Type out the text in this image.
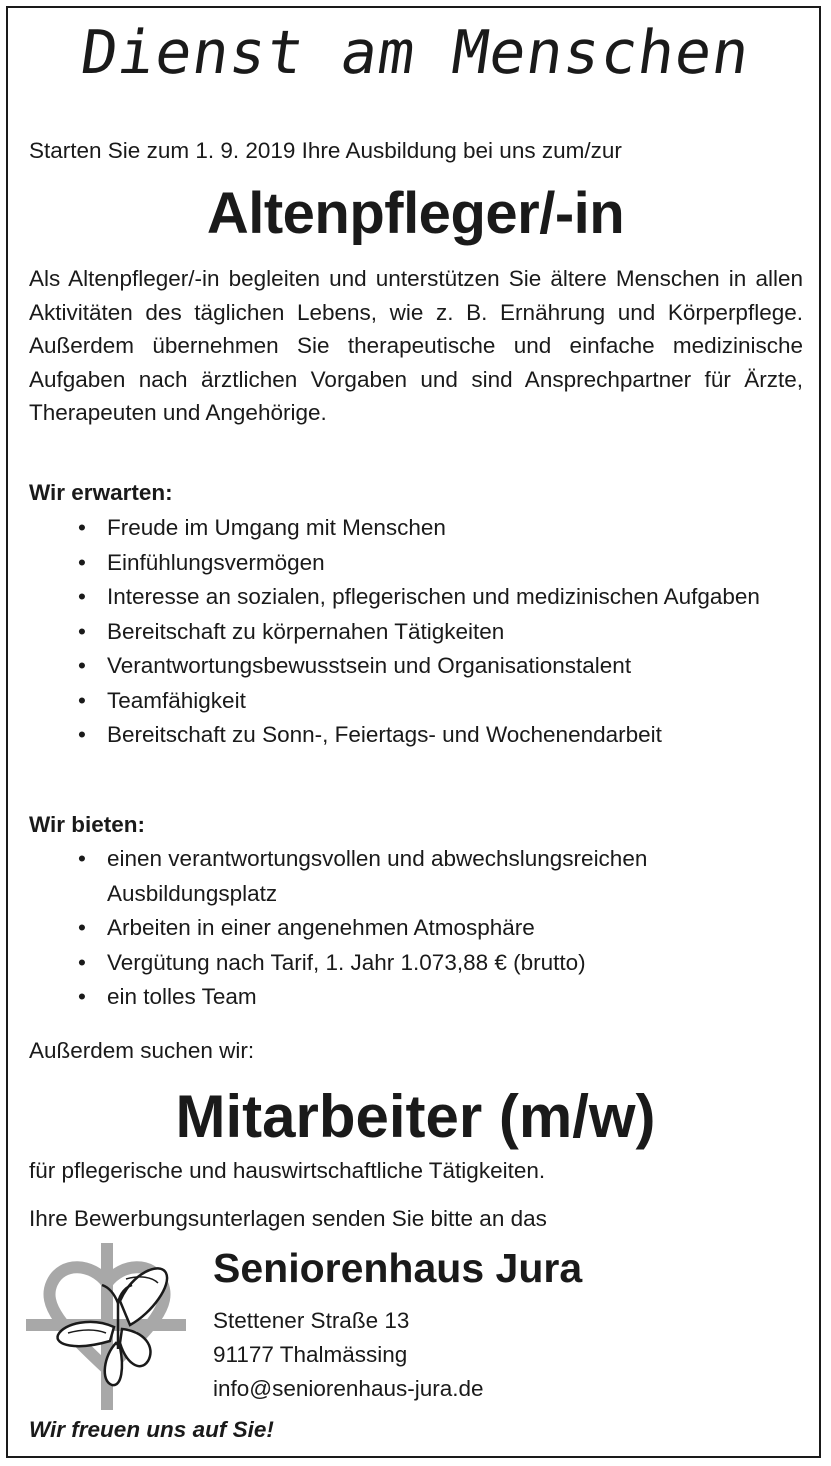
Dienst am Menschen
Starten Sie zum 1. 9. 2019 Ihre Ausbildung bei uns zum/zur
Altenpfleger/-in
Als Altenpfleger/-in begleiten und unterstützen Sie ältere Menschen in allen Aktivitäten des täglichen Lebens, wie z. B. Ernährung und Körperpflege. Außerdem übernehmen Sie therapeutische und einfache medizinische Aufgaben nach ärztlichen Vorgaben und sind Ansprechpartner für Ärzte, Therapeuten und Angehörige.
Wir erwarten:
• Freude im Umgang mit Menschen
• Einfühlungsvermögen
• Interesse an sozialen, pflegerischen und medizinischen Aufgaben
• Bereitschaft zu körpernahen Tätigkeiten
• Verantwortungsbewusstsein und Organisationstalent
• Teamfähigkeit
• Bereitschaft zu Sonn-, Feiertags- und Wochenendarbeit
Wir bieten:
• einen verantwortungsvollen und abwechslungsreichen Ausbildungsplatz
• Arbeiten in einer angenehmen Atmosphäre
• Vergütung nach Tarif, 1. Jahr 1.073,88 € (brutto)
• ein tolles Team
Außerdem suchen wir:
Mitarbeiter (m/w)
für pflegerische und hauswirtschaftliche Tätigkeiten.
Ihre Bewerbungsunterlagen senden Sie bitte an das
Seniorenhaus Jura
Stettener Straße 13
91177 Thalmässing
info@seniorenhaus-jura.de
Wir freuen uns auf Sie!
